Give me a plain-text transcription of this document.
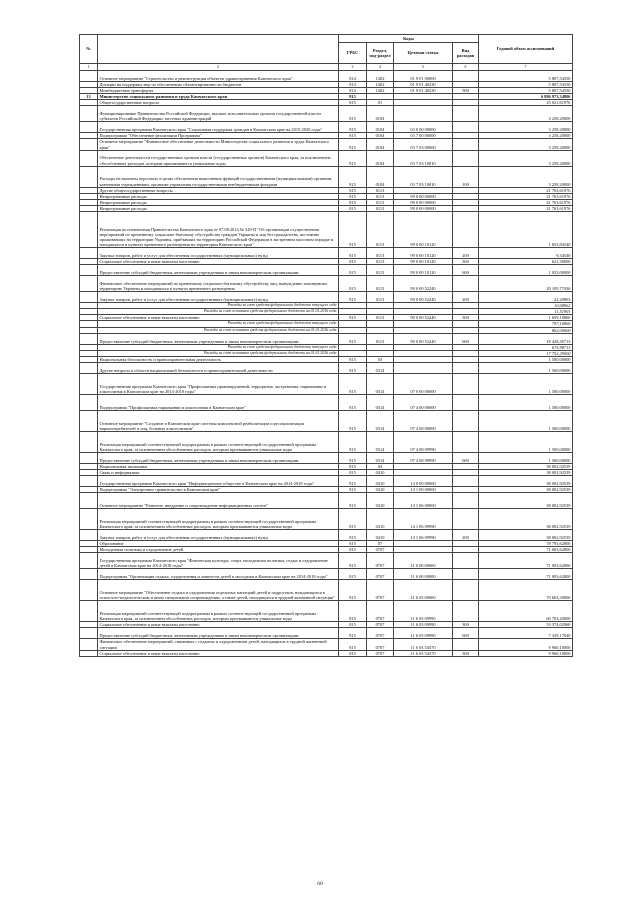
№		Коды				Годовой объем ассигнований
		ГРБС	Раздел, под-раздел	Целевая статья	Вид расходов	
1	2	3	4	5	6	7
	Основное мероприятие "Строительство и реконструкция объектов здравоохранения Камчатского края"	814	1402	01 9 01 00000		5 807,54350
	Дотации на поддержку мер по обеспечению сбалансированности бюджетов	814	1402	01 9 01 40230		5 807,54350
	Межбюджетные трансферты	814	1402	01 9 01 40230	500	5 807,54350
13	Министерство социального развития и труда Камчатского края	815				6 886 973,34806
	Общегосударственные вопросы	815	01			25 021,61976
	Функционирование Правительства Российской Федерации, высших исполнительных органов государственной власти субъектов Российской Федерации, местных администраций	815	0104			3 258,20000
	Государственная программа Камчатского края "Социальная поддержка граждан в Камчатском крае на 2015-2020 годы"	815	0104	03 0 00 00000		3 258,20000
	Подпрограмма "Обеспечение реализации Программы"	815	0104	03 7 00 00000		3 258,20000
	Основное мероприятие "Финансовое обеспечение деятельности Министерства социального развития и труда Камчатского края"	815	0104	03 7 03 00000		3 258,20000
	Обеспечение деятельности государственных органов власти (государственных органов) Камчатского края, за исключением обособленных расходов, которым присваиваются уникальные коды	815	0104	03 7 03 10010		3 258,20000
	Расходы на выплаты персоналу в целях обеспечения выполнения функций государственными (муниципальными) органами, казенными учреждениями, органами управления государственными внебюджетными фондами	815	0104	03 7 03 10010	100	3 258,20000
	Другие общегосударственные вопросы	815	0113			21 763,61976
	Непрограммные расходы	815	0113	99 0 00 00000		21 763,61976
	Непрограммные расходы	815	0113	99 0 00 00000		21 763,61976
	Непрограммные расходы	815	0113	99 0 00 00000		21 763,61976
	Реализация постановления Правительства Камчатского края от 07.08.2014 № 329-П "Об организации осуществления мероприятий по временному социально-бытовому обустройству граждан Украины и лиц без гражданства, постоянно проживавших на территории Украины, прибывших на территорию Российской Федерации в экстренном массовом порядке и находящихся в пунктах временного размещения на территории Камчатского края"	815	0113	99 0 00 10120		1 653,84540
	Закупка товаров, работ и услуг для обеспечения государственных (муниципальных) нужд	815	0113	99 0 00 10120	200	9,34540
	Социальное обеспечение и иные выплаты населению	815	0113	99 0 00 10120	300	621,50000
	Предоставление субсидий бюджетным, автономным учреждениям и иным некоммерческим организациям	815	0113	99 0 00 10120	600	1 023,00000
	Финансовое обеспечение мероприятий по временному социально-бытовому обустройству лиц, вынужденно покинувших территорию Украины и находящихся в пунктах временного размещения	815	0113	99 0 00 52240		20 109,77436
	Закупка товаров, работ и услуг для обеспечения государственных (муниципальных) нужд	815	0113	99 0 00 52240	200	22,20863
	Расходы за счет средств федерального бюджета текущего года					10,68962
	Расходы за счет остатков средств федерального бюджета на 01.01.2016 года					11,51901
	Социальное обеспечение и иные выплаты населению	815	0113	99 0 00 52240	300	1 659,10860
	Расходы за счет средств федерального бюджета текущего года					797,10860
	Расходы за счет остатков средств федерального бюджета на 01.01.2016 года					862,00000
	Предоставление субсидий бюджетным, автономным учреждениям и иным некоммерческим организациям	815	0113	99 0 00 52240	600	18 428,45713
	Расходы за счет средств федерального бюджета текущего года					675,98713
	Расходы за счет остатков средств федерального бюджета на 01.01.2016 года					17 752,29000
	Национальная безопасность и правоохранительная деятельность	815	03			1 500,00000
	Другие вопросы в области национальной безопасности и правоохранительной деятельности	815	0314			1 500,00000
	Государственная программа Камчатского края "Профилактика правонарушений, терроризма, экстремизма, наркомании и алкоголизма в Камчатском крае на 2014-2018 годы"	815	0314	07 0 00 00000		1 500,00000
	Подпрограмма "Профилактика наркомании и алкоголизма в Камчатском крае"	815	0314	07 4 00 00000		1 500,00000
	Основное мероприятие "Создание в Камчатском крае системы комплексной реабилитации и ресоциализации наркопотребителей и лиц, больных алкоголизмом"	815	0314	07 4 08 00000		1 500,00000
	Реализация мероприятий соответствующей подпрограммы в рамках соответствующей государственной программы Камчатского края, за исключением обособленных расходов, которым присваиваются уникальные коды	815	0314	07 4 08 09990		1 500,00000
	Предоставление субсидий бюджетным, автономным учреждениям и иным некоммерческим организациям	815	0314	07 4 08 09990	600	1 500,00000
	Национальная экономика	815	04			38 002,92539
	Связь и информатика	815	0410			38 002,92539
	Государственная программа Камчатского края "Информационное общество в Камчатском крае на 2014-2018 годы"	815	0410	14 0 00 00000		38 002,92539
	Подпрограмма "Электронное правительство в Камчатском крае"	815	0410	14 1 00 00000		38 002,92539
	Основное мероприятие "Развитие, внедрение и сопровождение информационных систем"	815	0410	14 1 06 00000		38 002,92539
	Реализация мероприятий соответствующей подпрограммы в рамках соответствующей государственной программы Камчатского края, за исключением обособленных расходов, которым присваиваются уникальные коды	815	0410	14 1 06 09990		38 002,92539
	Закупка товаров, работ и услуг для обеспечения государственных (муниципальных) нужд	815	0410	14 1 06 09990	200	38 002,92539
	Образование	815	07			78 793,62800
	Молодежная политика и оздоровление детей	815	0707			71 003,62800
	Государственная программа Камчатского края "Физическая культура, спорт, молодежная политика, отдых и оздоровление детей в Камчатском крае на 2014-2018 годы"	815	0707	11 0 00 00000		71 003,62800
	Подпрограмма "Организация отдыха, оздоровления и занятости детей и молодежи в Камчатском крае на 2014-2018 годы"	815	0707	11 6 00 00000		71 003,62800
	Основное мероприятие "Обеспечение отдыха и оздоровления отдельных категорий детей и подростков, нуждающихся в психолого-педагогическом и ином специальном сопровождении, а также детей, находящихся в трудной жизненной ситуации"	815	0707	11 6 03 00000		70 663,30000
	Реализация мероприятий соответствующей подпрограммы в рамках соответствующей государственной программы Камчатского края, за исключением обособленных расходов, которым присваиваются уникальные коды	815	0707	11 6 03 09990		60 703,20000
	Социальное обеспечение и иные выплаты населению	815	0707	11 6 03 09990	300	53 374,02960
	Предоставление субсидий бюджетным, автономным учреждениям и иным некоммерческим организациям	815	0707	11 6 03 09990	600	7 329,17040
	Финансовое обеспечение мероприятий, связанных с отдыхом и оздоровлением детей, находящихся в трудной жизненной ситуации	815	0707	11 6 03 54570		9 960,10000
	Социальное обеспечение и иные выплаты населению	815	0707	11 6 03 54570	300	9 960,10000
60
